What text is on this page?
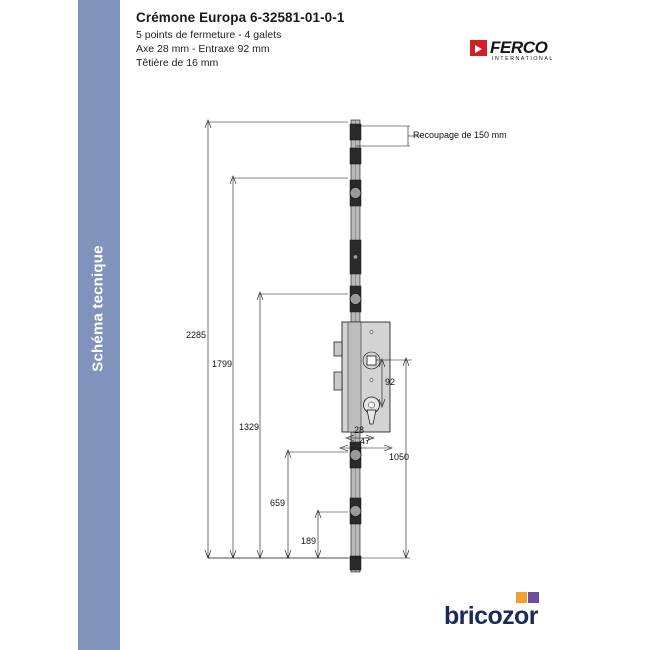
Schéma tecnique
Crémone Europa 6-32581-01-0-1
5 points de fermeture - 4 galets
Axe 28 mm - Entraxe 92 mm
Têtière de 16 mm
FERCO
INTERNATIONAL
Recoupage de 150 mm
2285
1799
1329
659
189
1050
92
28
47
bricozor
